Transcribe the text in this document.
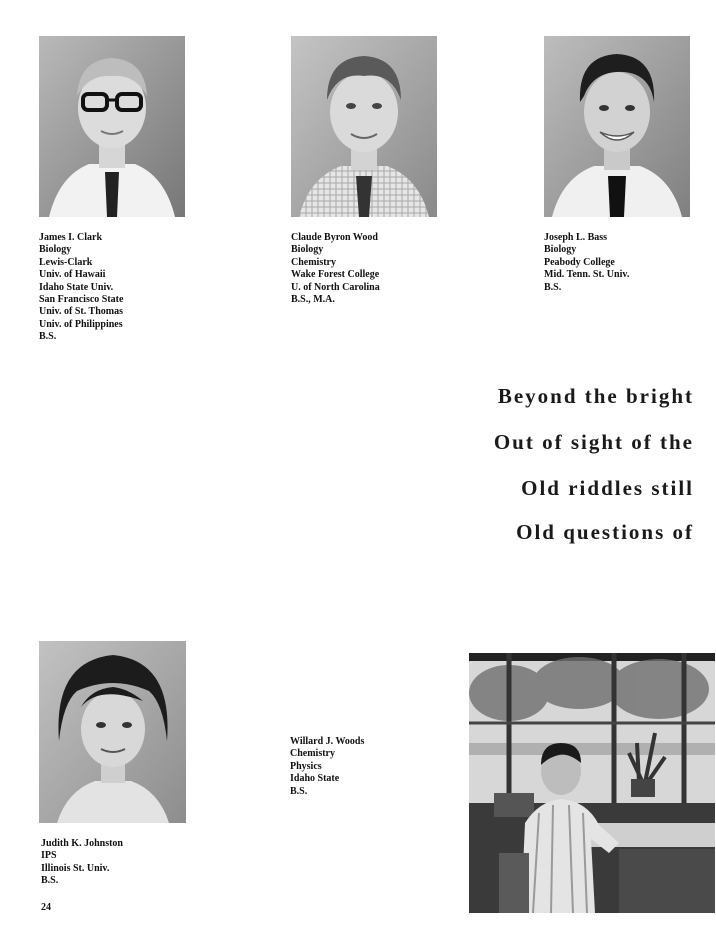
James I. Clark
Biology
Lewis-Clark
Univ. of Hawaii
Idaho State Univ.
San Francisco State
Univ. of St. Thomas
Univ. of Philippines
B.S.
Claude Byron Wood
Biology
Chemistry
Wake Forest College
U. of North Carolina
B.S., M.A.
Joseph L. Bass
Biology
Peabody College
Mid. Tenn. St. Univ.
B.S.
Beyond the bright
Out of sight of the
Old riddles still
Old questions of
Judith K. Johnston
IPS
Illinois St. Univ.
B.S.
Willard J. Woods
Chemistry
Physics
Idaho State
B.S.
24
